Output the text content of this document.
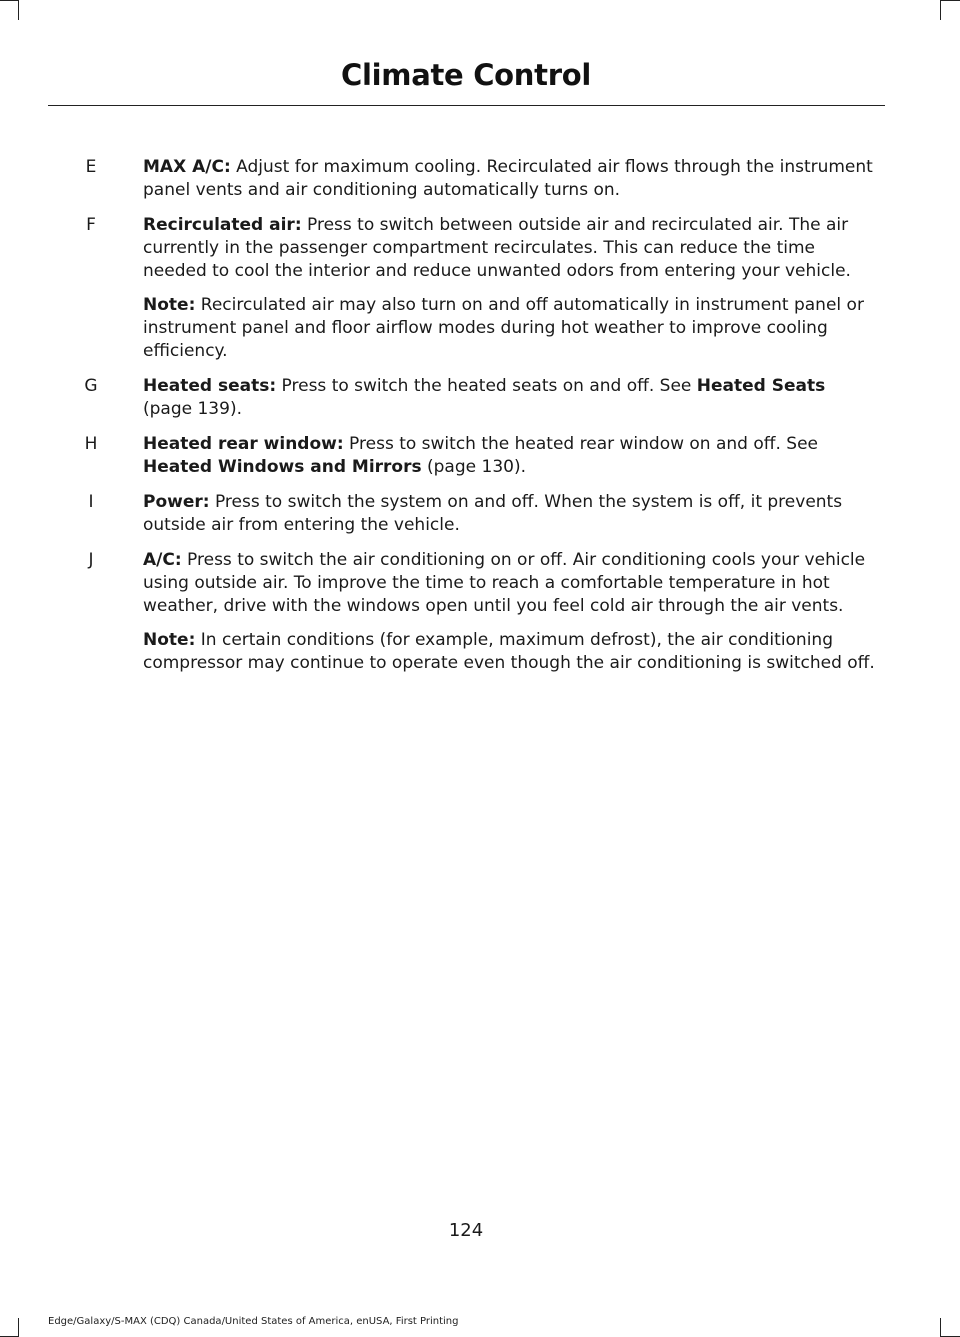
Climate Control
E	MAX A/C: Adjust for maximum cooling. Recirculated air flows through the instrument panel vents and air conditioning automatically turns on.

F	Recirculated air: Press to switch between outside air and recirculated air. The air currently in the passenger compartment recirculates. This can reduce the time needed to cool the interior and reduce unwanted odors from entering your vehicle.

Note: Recirculated air may also turn on and off automatically in instrument panel or instrument panel and floor airflow modes during hot weather to improve cooling efficiency.

G	Heated seats: Press to switch the heated seats on and off. See Heated Seats (page 139).

H	Heated rear window: Press to switch the heated rear window on and off. See Heated Windows and Mirrors (page 130).

I	Power: Press to switch the system on and off. When the system is off, it prevents outside air from entering the vehicle.

J	A/C: Press to switch the air conditioning on or off. Air conditioning cools your vehicle using outside air. To improve the time to reach a comfortable temperature in hot weather, drive with the windows open until you feel cold air through the air vents.

Note: In certain conditions (for example, maximum defrost), the air conditioning compressor may continue to operate even though the air conditioning is switched off.

124
Edge/Galaxy/S-MAX (CDQ) Canada/United States of America, enUSA, First Printing
